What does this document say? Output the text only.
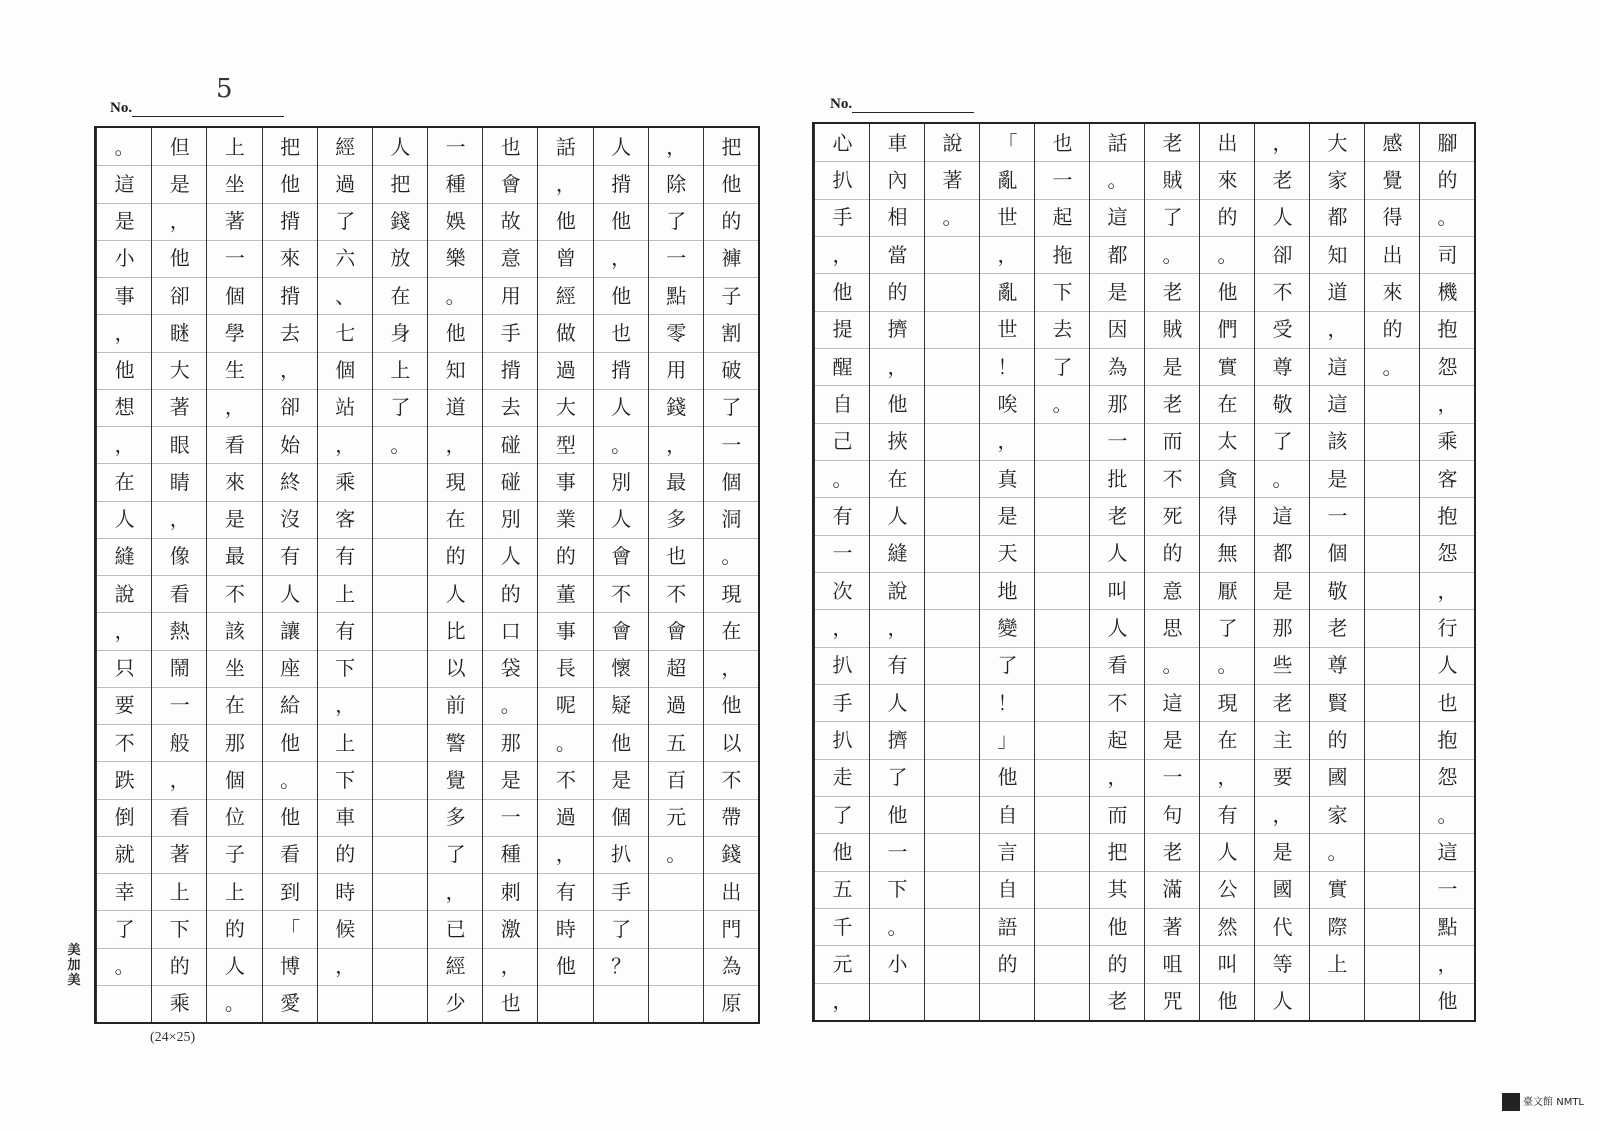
No.
5
把
他
的
褲
子
割
破
了
一
個
洞
。
現
在
，
他
以
不
帶
錢
出
門
為
原
，
除
了
一
點
零
用
錢
，
最
多
也
不
會
超
過
五
百
元
。
人
揹
他
，
他
也
揹
人
。
別
人
會
不
會
懷
疑
他
是
個
扒
手
了
？
話
，
他
曾
經
做
過
大
型
事
業
的
董
事
長
呢
。
不
過
，
有
時
他
也
會
故
意
用
手
揹
去
碰
碰
別
人
的
口
袋
。
那
是
一
種
刺
激
，
也
一
種
娛
樂
。
他
知
道
，
現
在
的
人
比
以
前
警
覺
多
了
，
已
經
少
人
把
錢
放
在
身
上
了
。
經
過
了
六
、
七
個
站
，
乘
客
有
上
有
下
，
上
下
車
的
時
候
，
把
他
揹
來
揹
去
，
卻
始
終
沒
有
人
讓
座
給
他
。
他
看
到
「
博
愛
上
坐
著
一
個
學
生
，
看
來
是
最
不
該
坐
在
那
個
位
子
上
的
人
。
但
是
，
他
卻
瞇
大
著
眼
睛
，
像
看
熱
鬧
一
般
，
看
著
上
下
的
乘
。
這
是
小
事
，
他
想
，
在
人
縫
說
，
只
要
不
跌
倒
就
幸
了
。
美加美
(24×25)
No.
腳
的
。
司
機
抱
怨
，
乘
客
抱
怨
，
行
人
也
抱
怨
。
這
一
點
，
他
感
覺
得
出
來
的
。
大
家
都
知
道
，
這
這
該
是
一
個
敬
老
尊
賢
的
國
家
。
實
際
上
，
老
人
卻
不
受
尊
敬
了
。
這
都
是
那
些
老
主
要
，
是
國
代
等
人
出
來
的
。
他
們
實
在
太
貪
得
無
厭
了
。
現
在
，
有
人
公
然
叫
他
老
賊
了
。
老
賊
是
老
而
不
死
的
意
思
。
這
是
一
句
老
滿
著
咀
咒
話
。
這
都
是
因
為
那
一
批
老
人
叫
人
看
不
起
，
而
把
其
他
的
老
也
一
起
拖
下
去
了
。
「
亂
世
，
亂
世
！
唉
，
真
是
天
地
變
了
！
」
他
自
言
自
語
的
說
著
。
車
內
相
當
的
擠
，
他
挾
在
人
縫
說
，
有
人
擠
了
他
一
下
。
小
心
扒
手
，
他
提
醒
自
己
。
有
一
次
，
扒
手
扒
走
了
他
五
千
元
，
臺文館 NMTL
